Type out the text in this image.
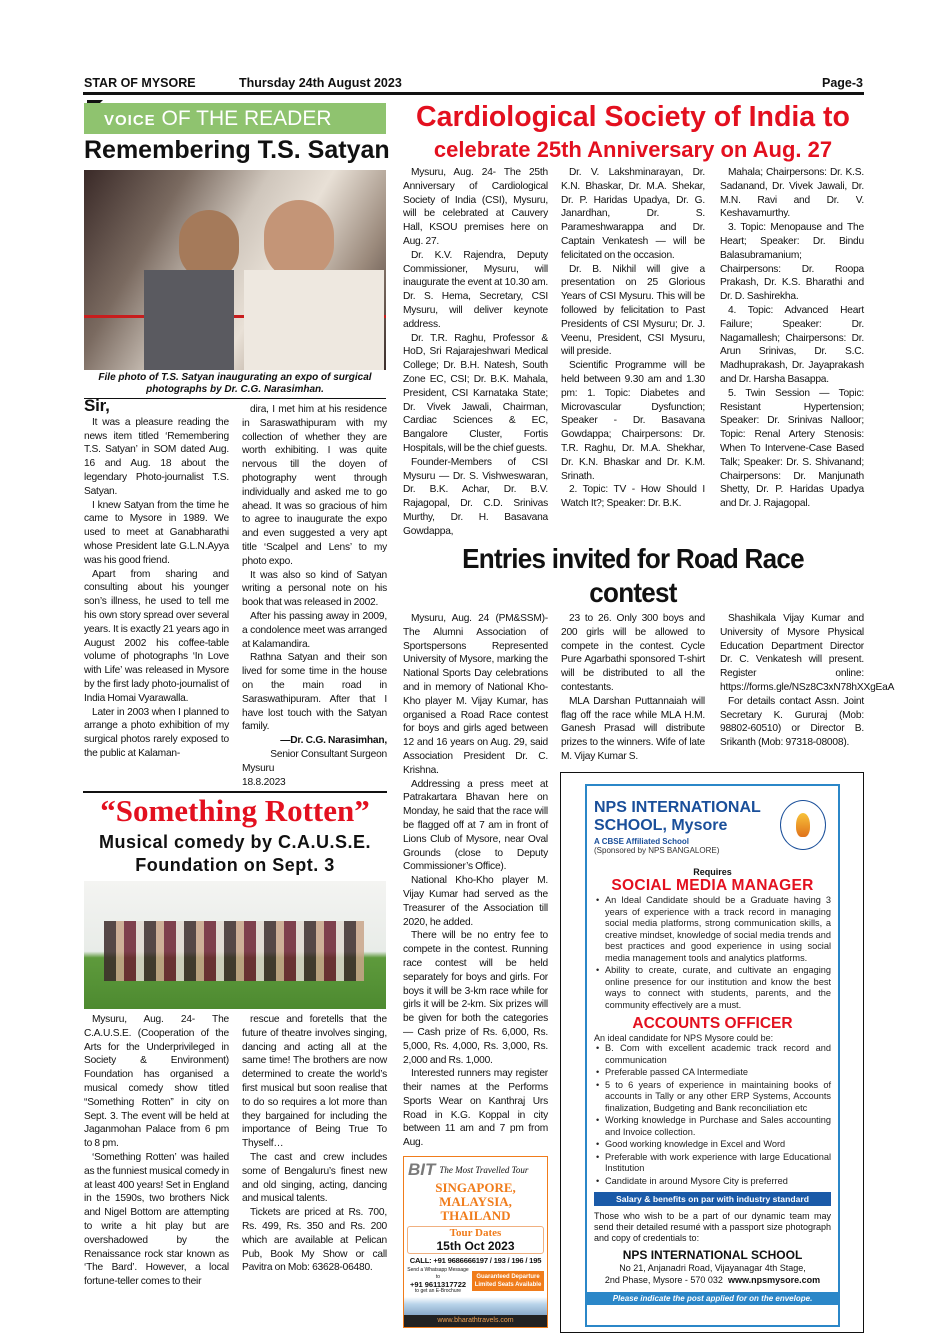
STAR OF MYSORE	Thursday 24th August 2023	Page-3
VOICE OF THE READER
Remembering T.S. Satyan
File photo of T.S. Satyan inaugurating an expo of surgical photographs by Dr. C.G. Narasimhan.

Sir,

It was a pleasure reading the news item titled ‘Remembering T.S. Satyan’ in SOM dated Aug. 16 and Aug. 18 about the legendary Photo-journalist T.S. Satyan.

I knew Satyan from the time he came to Mysore in 1989. We used to meet at Ganabharathi whose President late G.L.N.Ayya was his good friend.

Apart from sharing and consulting about his younger son’s illness, he used to tell me his own story spread over several years. It is exactly 21 years ago in August 2002 his coffee-table volume of photographs ‘In Love with Life’ was released in Mysore by the first lady photo-journalist of India Homai Vyarawalla.

Later in 2003 when I planned to arrange a photo exhibition of my surgical photos rarely exposed to the public at Kalaman-

dira, I met him at his residence in Saraswathipuram with my collection of whether they are worth exhibiting. I was quite nervous till the doyen of photography went through individually and asked me to go ahead. It was so gracious of him to agree to inaugurate the expo and even suggested a very apt title ‘Scalpel and Lens’ to my photo expo.

It was also so kind of Satyan writing a personal note on his book that was released in 2002.

After his passing away in 2009, a condolence meet was arranged at Kalamandira.

Rathna Satyan and their son lived for some time in the house on the main road in Saraswathipuram. After that I have lost touch with the Satyan family.

—Dr. C.G. Narasimhan,

Senior Consultant Surgeon

Mysuru

18.8.2023

“Something Rotten”
Musical comedy by C.A.U.S.E. Foundation on Sept. 3

Mysuru, Aug. 24- The C.A.U.S.E. (Cooperation of the Arts for the Underprivileged in Society & Environment) Foundation has organised a musical comedy show titled “Something Rotten” in city on Sept. 3. The event will be held at Jaganmohan Palace from 6 pm to 8 pm.

‘Something Rotten’ was hailed as the funniest musical comedy in at least 400 years! Set in England in the 1590s, two brothers Nick and Nigel Bottom are attempting to write a hit play but are overshadowed by the Renaissance rock star known as ‘The Bard’. However, a local fortune-teller comes to their

rescue and foretells that the future of theatre involves singing, dancing and acting all at the same time! The brothers are now determined to create the world’s first musical but soon realise that to do so requires a lot more than they bargained for including the importance of Being True To Thyself…

The cast and crew includes some of Bengaluru’s finest new and old singing, acting, dancing and musical talents.

Tickets are priced at Rs. 700, Rs. 499, Rs. 350 and Rs. 200 which are available at Pelican Pub, Book My Show or call Pavitra on Mob: 63628-06480.

Cardiological Society of India to
celebrate 25th Anniversary on Aug. 27

Mysuru, Aug. 24- The 25th Anniversary of Cardiological Society of India (CSI), Mysuru, will be celebrated at Cauvery Hall, KSOU premises here on Aug. 27.

Dr. K.V. Rajendra, Deputy Commissioner, Mysuru, will inaugurate the event at 10.30 am. Dr. S. Hema, Secretary, CSI Mysuru, will deliver keynote address.

Dr. T.R. Raghu, Professor & HoD, Sri Rajarajeshwari Medical College; Dr. B.H. Natesh, South Zone EC, CSI; Dr. B.K. Mahala, President, CSI Karnataka State; Dr. Vivek Jawali, Chairman, Cardiac Sciences & EC, Bangalore Cluster, Fortis Hospitals, will be the chief guests.

Founder-Members of CSI Mysuru — Dr. S. Vishweswaran, Dr. B.K. Achar, Dr. B.V. Rajagopal, Dr. C.D. Srinivas Murthy, Dr. H. Basavana Gowdappa,

Dr. V. Lakshminarayan, Dr. K.N. Bhaskar, Dr. M.A. Shekar, Dr. P. Haridas Upadya, Dr. G. Janardhan, Dr. S. Parameshwarappa and Dr. Captain Venkatesh — will be felicitated on the occasion.

Dr. B. Nikhil will give a presentation on 25 Glorious Years of CSI Mysuru. This will be followed by felicitation to Past Presidents of CSI Mysuru; Dr. J. Veenu, President, CSI Mysuru, will preside.

Scientific Programme will be held between 9.30 am and 1.30 pm: 1. Topic: Diabetes and Microvascular Dysfunction; Speaker - Dr. Basavana Gowdappa; Chairpersons: Dr. T.R. Raghu, Dr. M.A. Shekhar, Dr. K.N. Bhaskar and Dr. K.M. Srinath.

2. Topic: TV - How Should I Watch It?; Speaker: Dr. B.K.

Mahala; Chairpersons: Dr. K.S. Sadanand, Dr. Vivek Jawali, Dr. M.N. Ravi and Dr. V. Keshavamurthy.

3. Topic: Menopause and The Heart; Speaker: Dr. Bindu Balasubramanium; Chairpersons: Dr. Roopa Prakash, Dr. K.S. Bharathi and Dr. D. Sashirekha.

4. Topic: Advanced Heart Failure; Speaker: Dr. Nagamallesh; Chairpersons: Dr. Arun Srinivas, Dr. S.C. Madhuprakash, Dr. Jayaprakash and Dr. Harsha Basappa.

5. Twin Session — Topic: Resistant Hypertension; Speaker: Dr. Srinivas Nalloor; Topic: Renal Artery Stenosis: When To Intervene-Case Based Talk; Speaker: Dr. S. Shivanand; Chairpersons: Dr. Manjunath Shetty, Dr. P. Haridas Upadya and Dr. J. Rajagopal.

Entries invited for Road Race contest

Mysuru, Aug. 24 (PM&SSM)- The Alumni Association of Sportspersons Represented University of Mysore, marking the National Sports Day celebrations and in memory of National Kho-Kho player M. Vijay Kumar, has organised a Road Race contest for boys and girls aged between 12 and 16 years on Aug. 29, said Association President Dr. C. Krishna.

Addressing a press meet at Patrakartara Bhavan here on Monday, he said that the race will be flagged off at 7 am in front of Lions Club of Mysore, near Oval Grounds (close to Deputy Commissioner’s Office).

National Kho-Kho player M. Vijay Kumar had served as the Treasurer of the Association till 2020, he added.

There will be no entry fee to compete in the contest. Running race contest will be held separately for boys and girls. For boys it will be 3-km race while for girls it will be 2-km. Six prizes will be given for both the categories — Cash prize of Rs. 6,000, Rs. 5,000, Rs. 4,000, Rs. 3,000, Rs. 2,000 and Rs. 1,000.

Interested runners may register their names at the Performs Sports Wear on Kanthraj Urs Road in K.G. Koppal in city between 11 am and 7 pm from Aug.

23 to 26. Only 300 boys and 200 girls will be allowed to compete in the contest. Cycle Pure Agarbathi sponsored T-shirt will be distributed to all the contestants.

MLA Darshan Puttannaiah will flag off the race while MLA H.M. Ganesh Prasad will distribute prizes to the winners. Wife of late M. Vijay Kumar S.

Shashikala Vijay Kumar and University of Mysore Physical Education Department Director Dr. C. Venkatesh will present. Register online: https://forms.gle/NSz8C3xN78hXXgEaA

For details contact Assn. Joint Secretary K. Gururaj (Mob: 98802-60510) or Director B. Srikanth (Mob: 97318-08008).

BIT The Most Travelled Tour
SINGAPORE, MALAYSIA, THAILAND
Tour Dates
15th Oct 2023
CALL: +91 9686666197 / 193 / 196 / 195
Send a Whatsapp Message to
+91 9611317722
to get an E-Brochure
Guaranteed Departure
Limited Seats Available
www.bharathtravels.com
NPS INTERNATIONAL
SCHOOL, Mysore
A CBSE Affiliated School
(Sponsored by NPS BANGALORE)
Requires
SOCIAL MEDIA MANAGER
• An Ideal Candidate should be a Graduate having 3 years of experience with a track record in managing social media platforms, strong communication skills, a creative mindset, knowledge of social media trends and best practices and good experience in using social media management tools and analytics platforms.
• Ability to create, curate, and cultivate an engaging online presence for our institution and know the best ways to connect with students, parents, and the community effectively are a must.
ACCOUNTS OFFICER
An ideal candidate for NPS Mysore could be:
• B. Com with excellent academic track record and communication
• Preferable passed CA Intermediate
• 5 to 6 years of experience in maintaining books of accounts in Tally or any other ERP Systems, Accounts finalization, Budgeting and Bank reconciliation etc
• Working knowledge in Purchase and Sales accounting and Invoice collection.
• Good working knowledge in Excel and Word
• Preferable with work experience with large Educational Institution
• Candidate in around Mysore City is preferred
Salary & benefits on par with industry standard
Those who wish to be a part of our dynamic team may send their detailed resumé with a passport size photograph and copy of credentials to:
NPS INTERNATIONAL SCHOOL
No 21, Anjanadri Road, Vijayanagar 4th Stage,
2nd Phase, Mysore - 570 032 www.npsmysore.com
Please indicate the post applied for on the envelope.
